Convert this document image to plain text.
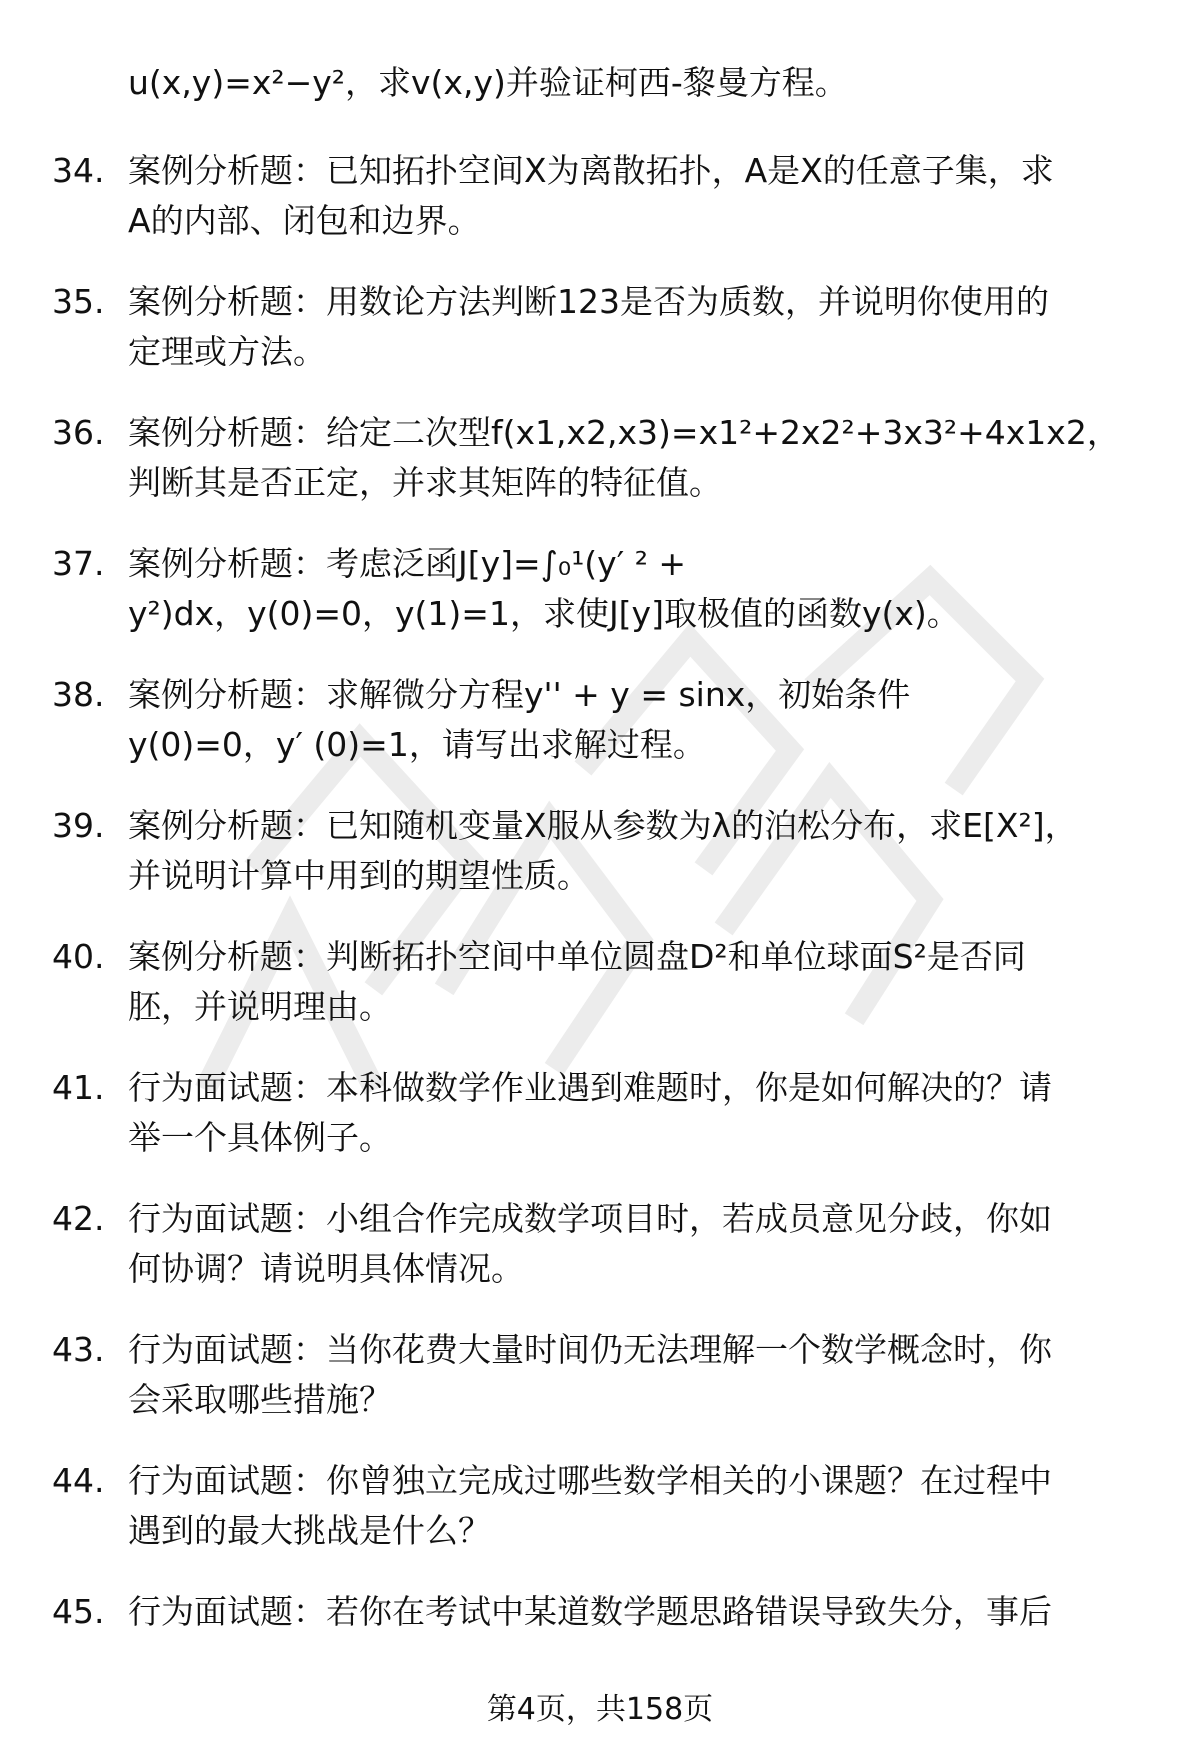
u(x,y)=x²−y²，求v(x,y)并验证柯西-黎曼方程。
34. 案例分析题：已知拓扑空间X为离散拓扑，A是X的任意子集，求
A的内部、闭包和边界。

35. 案例分析题：用数论方法判断123是否为质数，并说明你使用的
定理或方法。

36. 案例分析题：给定二次型f(x1,x2,x3)=x1²+2x2²+3x3²+4x1x2，
判断其是否正定，并求其矩阵的特征值。

37. 案例分析题：考虑泛函J[y]=∫₀¹(y′ ² +
y²)dx，y(0)=0，y(1)=1，求使J[y]取极值的函数y(x)。

38. 案例分析题：求解微分方程y'' + y = sinx，初始条件
y(0)=0，y′ (0)=1，请写出求解过程。

39. 案例分析题：已知随机变量X服从参数为λ的泊松分布，求E[X²]，
并说明计算中用到的期望性质。

40. 案例分析题：判断拓扑空间中单位圆盘D²和单位球面S²是否同
胚，并说明理由。

41. 行为面试题：本科做数学作业遇到难题时，你是如何解决的？请
举一个具体例子。

42. 行为面试题：小组合作完成数学项目时，若成员意见分歧，你如
何协调？请说明具体情况。

43. 行为面试题：当你花费大量时间仍无法理解一个数学概念时，你
会采取哪些措施？

44. 行为面试题：你曾独立完成过哪些数学相关的小课题？在过程中
遇到的最大挑战是什么？

45. 行为面试题：若你在考试中某道数学题思路错误导致失分，事后

第4页，共158页
